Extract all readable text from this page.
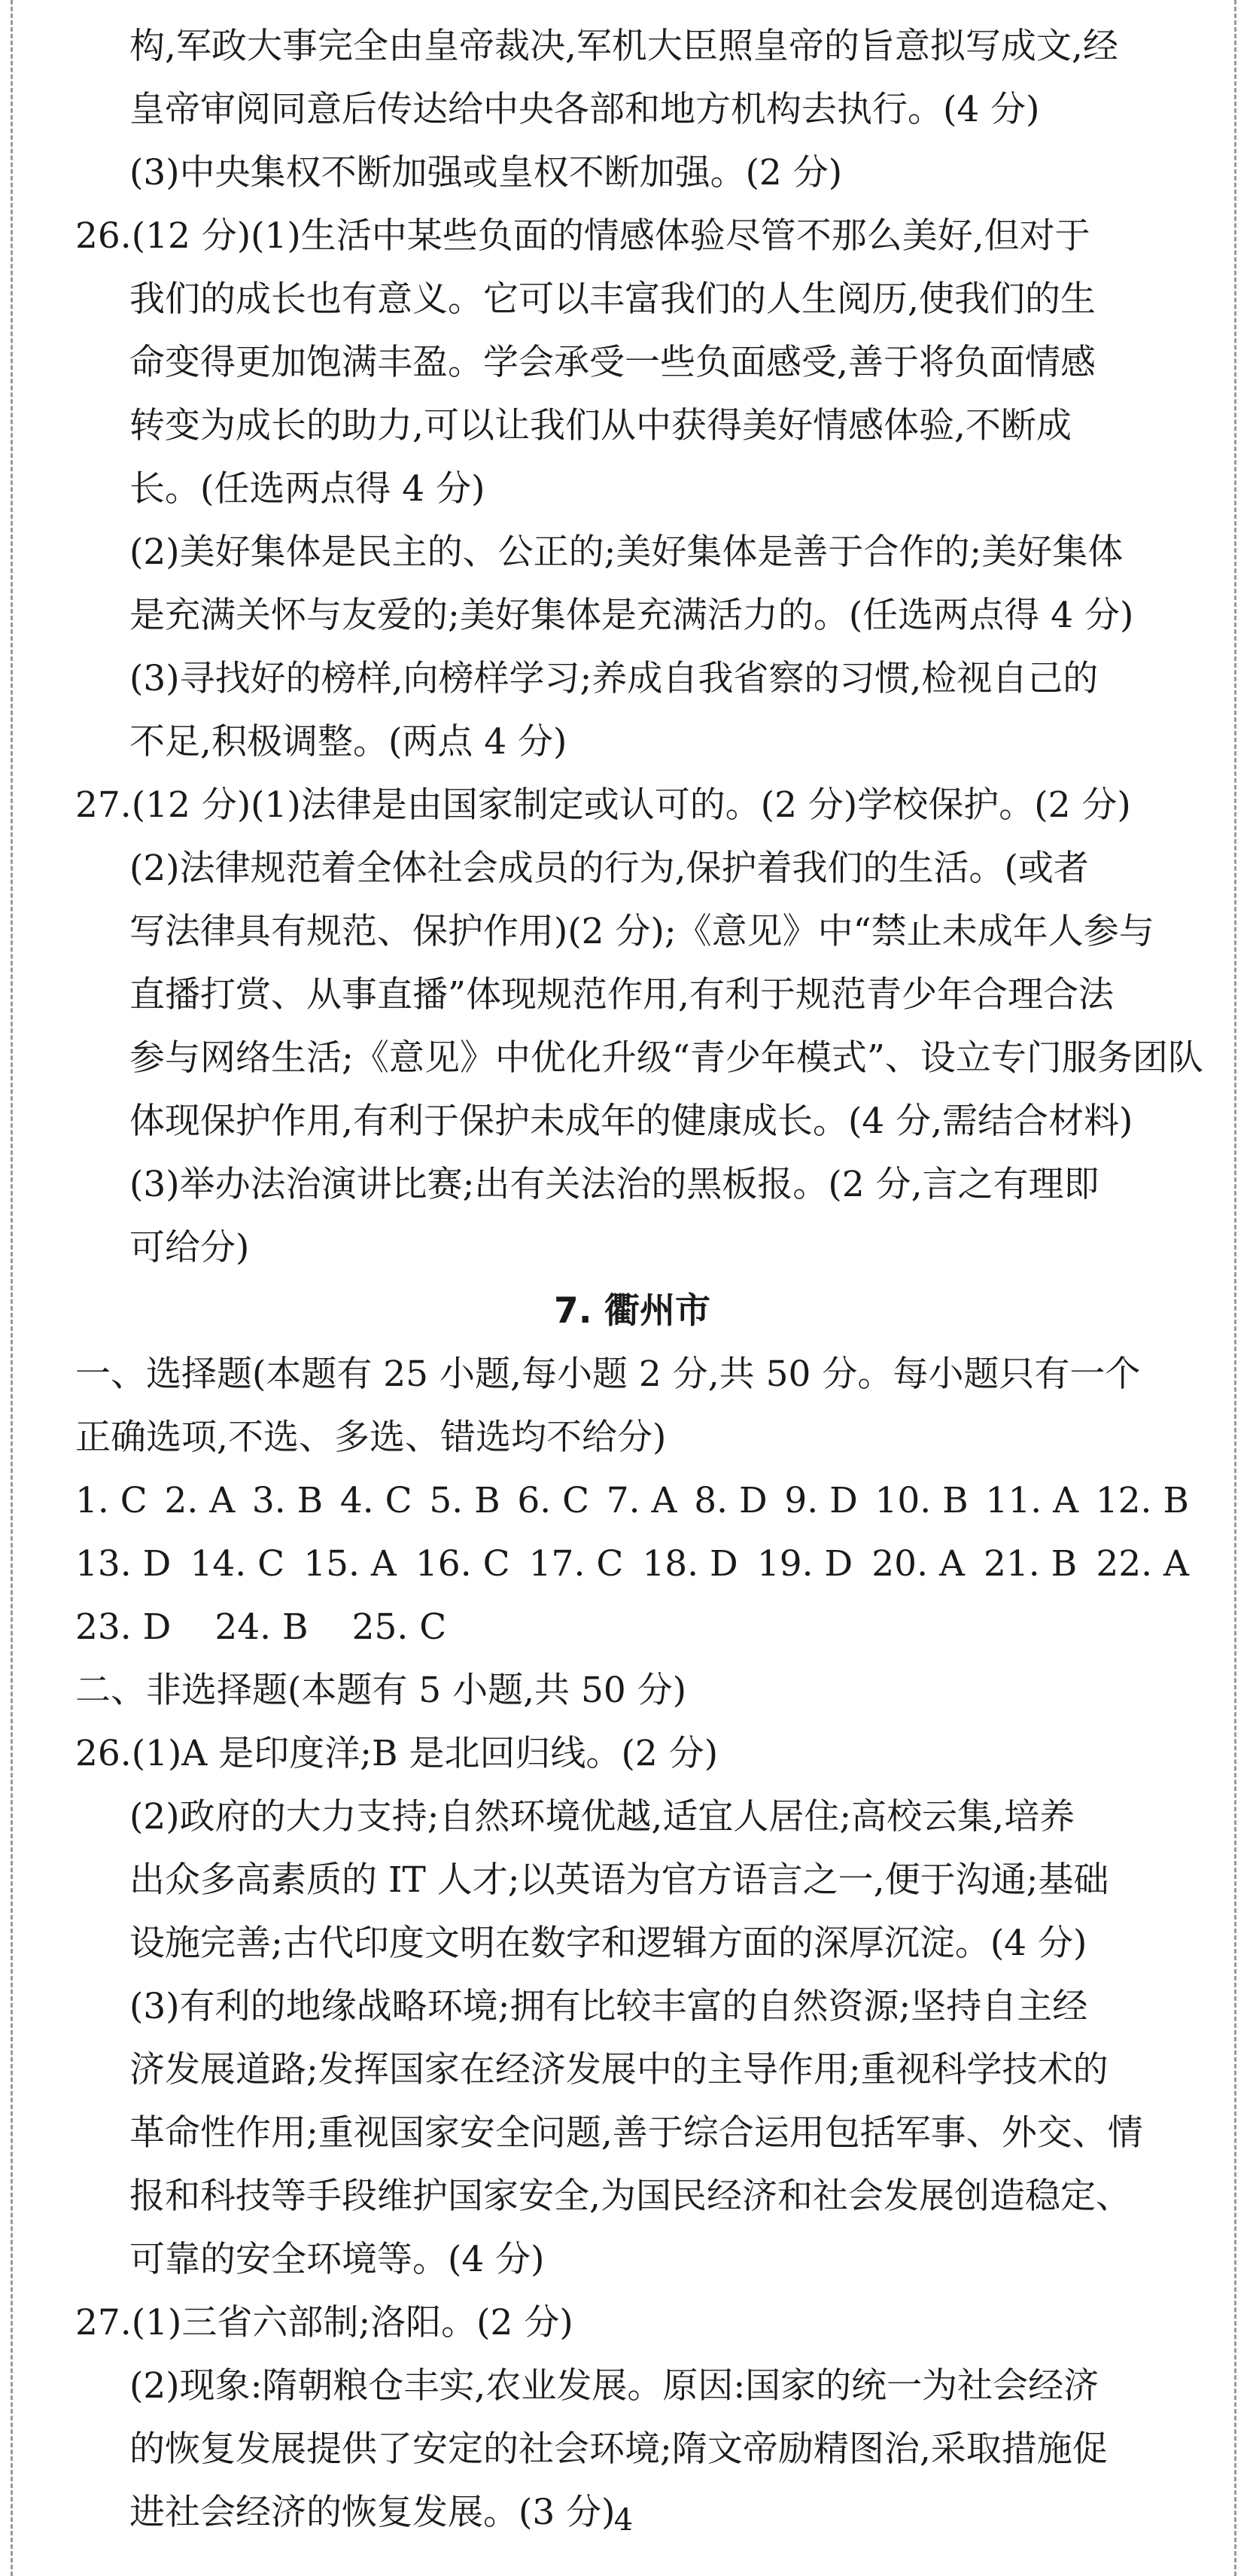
构,军政大事完全由皇帝裁决,军机大臣照皇帝的旨意拟写成文,经
皇帝审阅同意后传达给中央各部和地方机构去执行。(4 分)
(3)中央集权不断加强或皇权不断加强。(2 分)
26.(12 分)(1)生活中某些负面的情感体验尽管不那么美好,但对于
我们的成长也有意义。它可以丰富我们的人生阅历,使我们的生
命变得更加饱满丰盈。学会承受一些负面感受,善于将负面情感
转变为成长的助力,可以让我们从中获得美好情感体验,不断成
长。(任选两点得 4 分)
(2)美好集体是民主的、公正的;美好集体是善于合作的;美好集体
是充满关怀与友爱的;美好集体是充满活力的。(任选两点得 4 分)
(3)寻找好的榜样,向榜样学习;养成自我省察的习惯,检视自己的
不足,积极调整。(两点 4 分)
27.(12 分)(1)法律是由国家制定或认可的。(2 分)学校保护。(2 分)
(2)法律规范着全体社会成员的行为,保护着我们的生活。(或者
写法律具有规范、保护作用)(2 分);《意见》中“禁止未成年人参与
直播打赏、从事直播”体现规范作用,有利于规范青少年合理合法
参与网络生活;《意见》中优化升级“青少年模式”、设立专门服务团队
体现保护作用,有利于保护未成年的健康成长。(4 分,需结合材料)
(3)举办法治演讲比赛;出有关法治的黑板报。(2 分,言之有理即
可给分)
7. 衢州市
一、选择题(本题有 25 小题,每小题 2 分,共 50 分。每小题只有一个
正确选项,不选、多选、错选均不给分)
1. C 2. A 3. B 4. C 5. B 6. C 7. A 8. D 9. D 10. B 11. A 12. B
13. D 14. C 15. A 16. C 17. C 18. D 19. D 20. A 21. B 22. A
23. D 24. B 25. C
二、非选择题(本题有 5 小题,共 50 分)
26.(1)A 是印度洋;B 是北回归线。(2 分)
(2)政府的大力支持;自然环境优越,适宜人居住;高校云集,培养
出众多高素质的 IT 人才;以英语为官方语言之一,便于沟通;基础
设施完善;古代印度文明在数字和逻辑方面的深厚沉淀。(4 分)
(3)有利的地缘战略环境;拥有比较丰富的自然资源;坚持自主经
济发展道路;发挥国家在经济发展中的主导作用;重视科学技术的
革命性作用;重视国家安全问题,善于综合运用包括军事、外交、情
报和科技等手段维护国家安全,为国民经济和社会发展创造稳定、
可靠的安全环境等。(4 分)
27.(1)三省六部制;洛阳。(2 分)
(2)现象:隋朝粮仓丰实,农业发展。原因:国家的统一为社会经济
的恢复发展提供了安定的社会环境;隋文帝励精图治,采取措施促
进社会经济的恢复发展。(3 分)
4
